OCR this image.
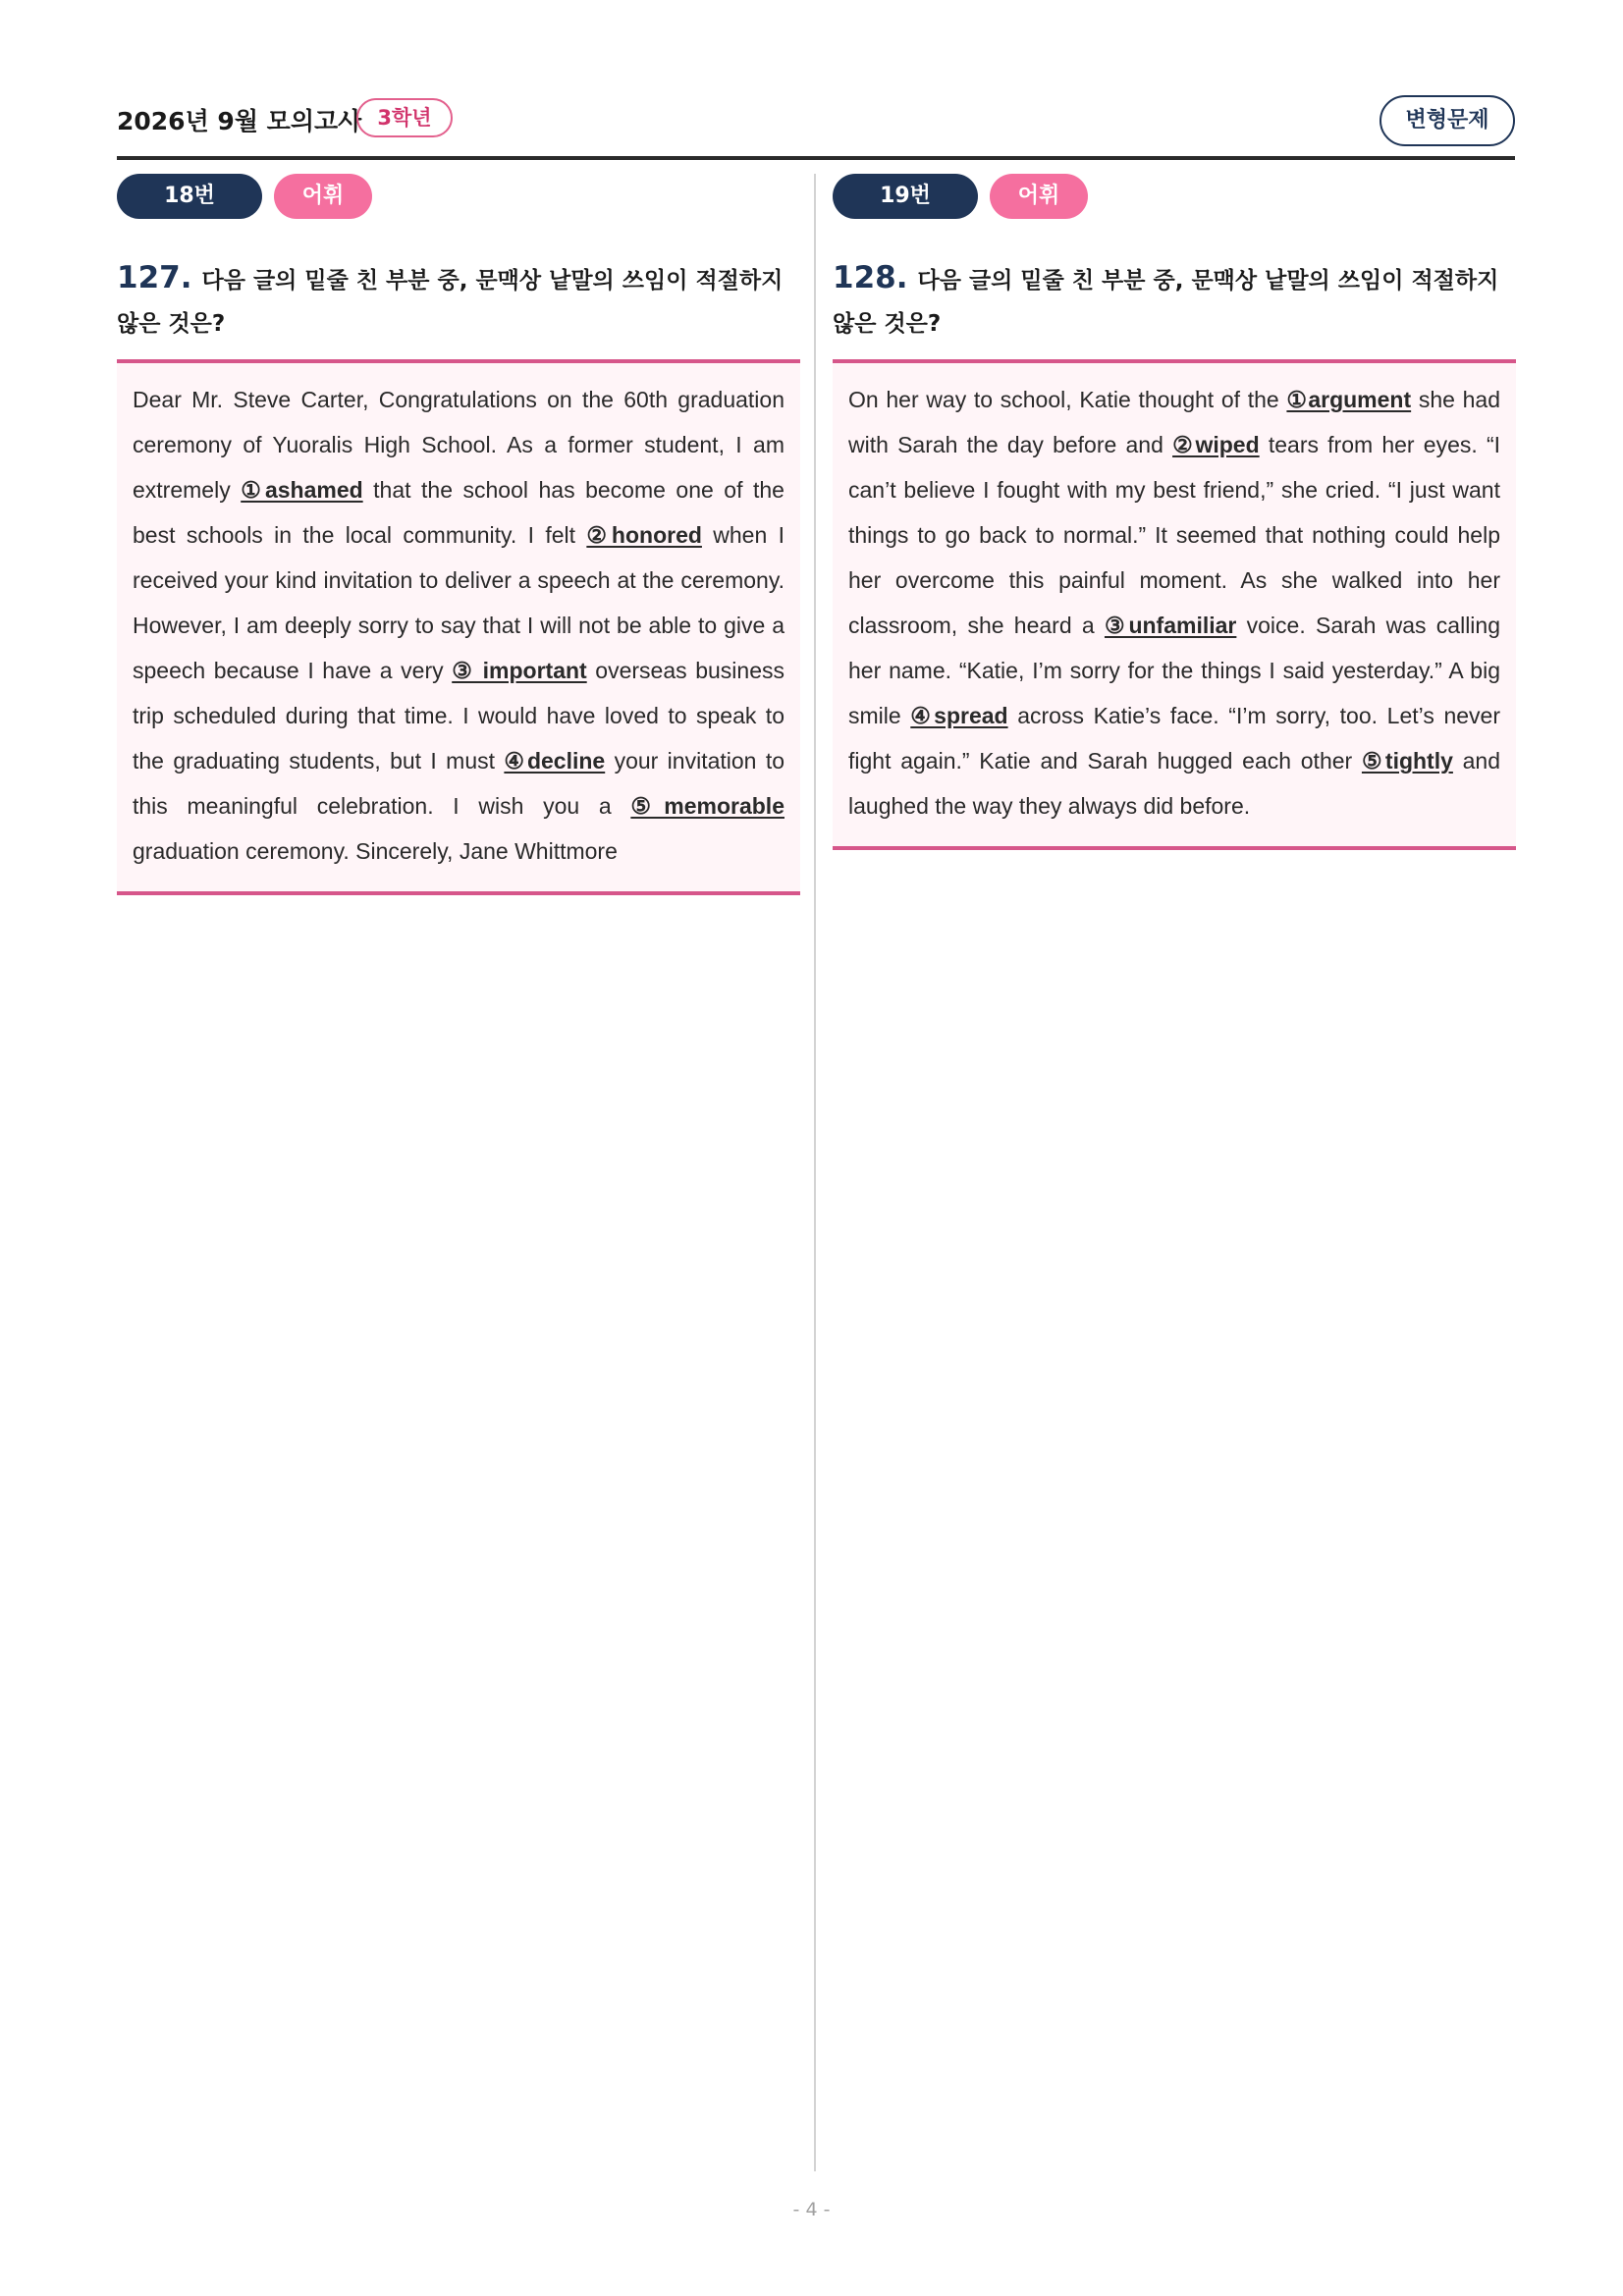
2026년 9월 모의고사 3학년	변형문제
18번	어휘
127. 다음 글의 밑줄 친 부분 중, 문맥상 낱말의 쓰임이 적절하지 않은 것은?

Dear Mr. Steve Carter, Congratulations on the 60th graduation ceremony of Yuoralis High School. As a former student, I am extremely ①ashamed that the school has become one of the best schools in the local community. I felt ②honored when I received your kind invitation to deliver a speech at the ceremony. However, I am deeply sorry to say that I will not be able to give a speech because I have a very ③ important overseas business trip scheduled during that time. I would have loved to speak to the graduating students, but I must ④decline your invitation to this meaningful celebration. I wish you a ⑤memorable graduation ceremony. Sincerely, Jane Whittmore

19번	어휘
128. 다음 글의 밑줄 친 부분 중, 문맥상 낱말의 쓰임이 적절하지 않은 것은?

On her way to school, Katie thought of the ①argument she had with Sarah the day before and ②wiped tears from her eyes. “I can’t believe I fought with my best friend,” she cried. “I just want things to go back to normal.” It seemed that nothing could help her overcome this painful moment. As she walked into her classroom, she heard a ③unfamiliar voice. Sarah was calling her name. “Katie, I’m sorry for the things I said yesterday.” A big smile ④spread across Katie’s face. “I’m sorry, too. Let’s never fight again.” Katie and Sarah hugged each other ⑤tightly and laughed the way they always did before.

- 4 -
